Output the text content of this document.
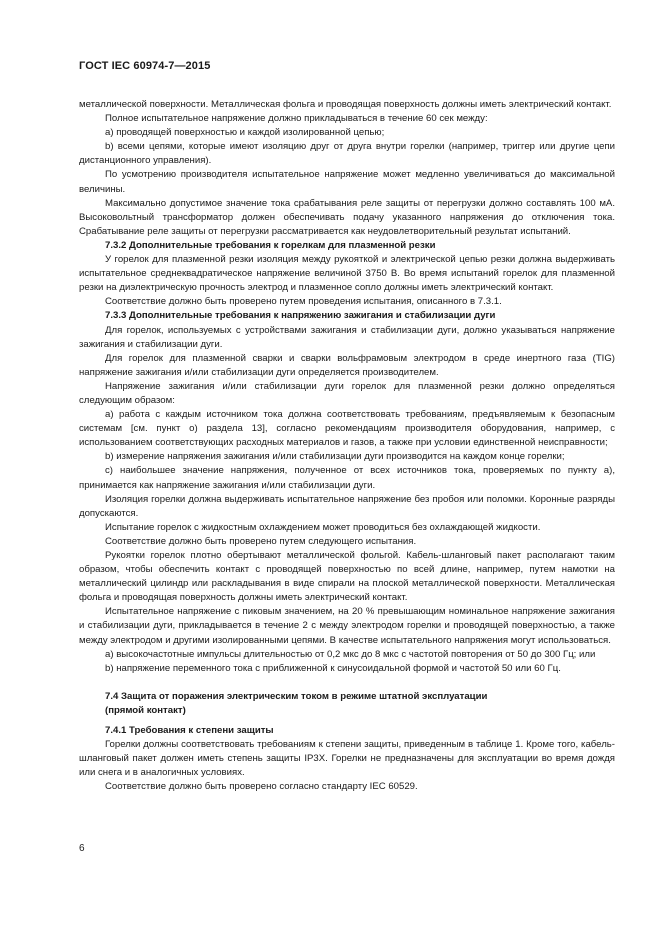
ГОСТ IEC 60974-7—2015

металлической поверхности. Металлическая фольга и проводящая поверхность должны иметь электрический контакт.

Полное испытательное напряжение должно прикладываться в течение 60 сек между:

a) проводящей поверхностью и каждой изолированной цепью;

b) всеми цепями, которые имеют изоляцию друг от друга внутри горелки (например, триггер или другие цепи дистанционного управления).

По усмотрению производителя испытательное напряжение может медленно увеличиваться до максимальной величины.

Максимально допустимое значение тока срабатывания реле защиты от перегрузки должно составлять 100 мА. Высоковольтный трансформатор должен обеспечивать подачу указанного напряжения до отключения тока. Срабатывание реле защиты от перегрузки рассматривается как неудовлетворительный результат испытаний.

7.3.2 Дополнительные требования к горелкам для плазменной резки

У горелок для плазменной резки изоляция между рукояткой и электрической цепью резки должна выдерживать испытательное среднеквадратическое напряжение величиной 3750 В. Во время испытаний горелок для плазменной резки на диэлектрическую прочность электрод и плазменное сопло должны иметь электрический контакт.

Соответствие должно быть проверено путем проведения испытания, описанного в 7.3.1.

7.3.3 Дополнительные требования к напряжению зажигания и стабилизации дуги

Для горелок, используемых с устройствами зажигания и стабилизации дуги, должно указываться напряжение зажигания и стабилизации дуги.

Для горелок для плазменной сварки и сварки вольфрамовым электродом в среде инертного газа (TIG) напряжение зажигания и/или стабилизации дуги определяется производителем.

Напряжение зажигания и/или стабилизации дуги горелок для плазменной резки должно определяться следующим образом:

a) работа с каждым источником тока должна соответствовать требованиям, предъявляемым к безопасным системам [см. пункт o) раздела 13], согласно рекомендациям производителя оборудования, например, с использованием соответствующих расходных материалов и газов, а также при условии единственной неисправности;

b) измерение напряжения зажигания и/или стабилизации дуги производится на каждом конце горелки;

c) наибольшее значение напряжения, полученное от всех источников тока, проверяемых по пункту a), принимается как напряжение зажигания и/или стабилизации дуги.

Изоляция горелки должна выдерживать испытательное напряжение без пробоя или поломки. Коронные разряды допускаются.

Испытание горелок с жидкостным охлаждением может проводиться без охлаждающей жидкости.

Соответствие должно быть проверено путем следующего испытания.

Рукоятки горелок плотно обертывают металлической фольгой. Кабель-шланговый пакет располагают таким образом, чтобы обеспечить контакт с проводящей поверхностью по всей длине, например, путем намотки на металлический цилиндр или раскладывания в виде спирали на плоской металлической поверхности. Металлическая фольга и проводящая поверхность должны иметь электрический контакт.

Испытательное напряжение с пиковым значением, на 20 % превышающим номинальное напряжение зажигания и стабилизации дуги, прикладывается в течение 2 с между электродом горелки и проводящей поверхностью, а также между электродом и другими изолированными цепями. В качестве испытательного напряжения могут использоваться.

a) высокочастотные импульсы длительностью от 0,2 мкс до 8 мкс с частотой повторения от 50 до 300 Гц; или

b) напряжение переменного тока с приближенной к синусоидальной формой и частотой 50 или 60 Гц.

7.4 Защита от поражения электрическим током в режиме штатной эксплуатации

(прямой контакт)

7.4.1 Требования к степени защиты

Горелки должны соответствовать требованиям к степени защиты, приведенным в таблице 1. Кроме того, кабель-шланговый пакет должен иметь степень защиты IP3X. Горелки не предназначены для эксплуатации во время дождя или снега и в аналогичных условиях.

Соответствие должно быть проверено согласно стандарту IEC 60529.

6
